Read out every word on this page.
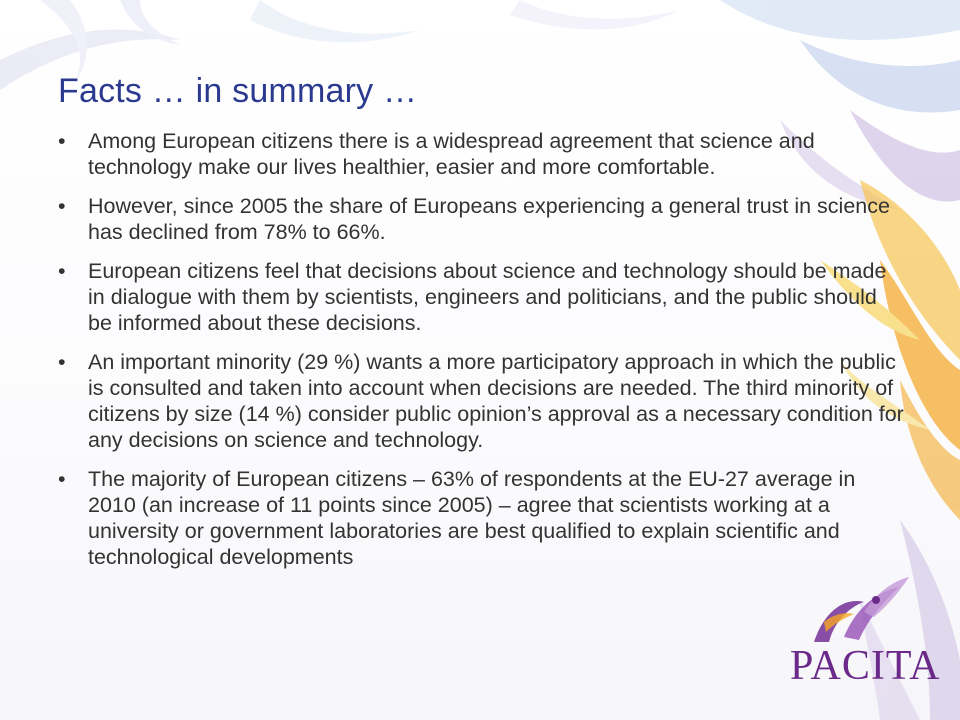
Facts … in summary …
•	Among European citizens there is a widespread agreement that science and technology make our lives healthier, easier and more comfortable.
•	However, since 2005 the share of Europeans experiencing a general trust in science has declined from 78% to 66%.
•	European citizens feel that decisions about science and technology should be made in dialogue with them by scientists, engineers and politicians, and the public should be informed about these decisions.
•	An important minority (29 %) wants a more participatory approach in which the public is consulted and taken into account when decisions are needed. The third minority of citizens by size (14 %) consider public opinion’s approval as a necessary condition for any decisions on science and technology.
•	The majority of European citizens – 63% of respondents at the EU-27 average in 2010 (an increase of 11 points since 2005) – agree that scientists working at a university or government laboratories are best qualified to explain scientific and technological developments
PACITA
